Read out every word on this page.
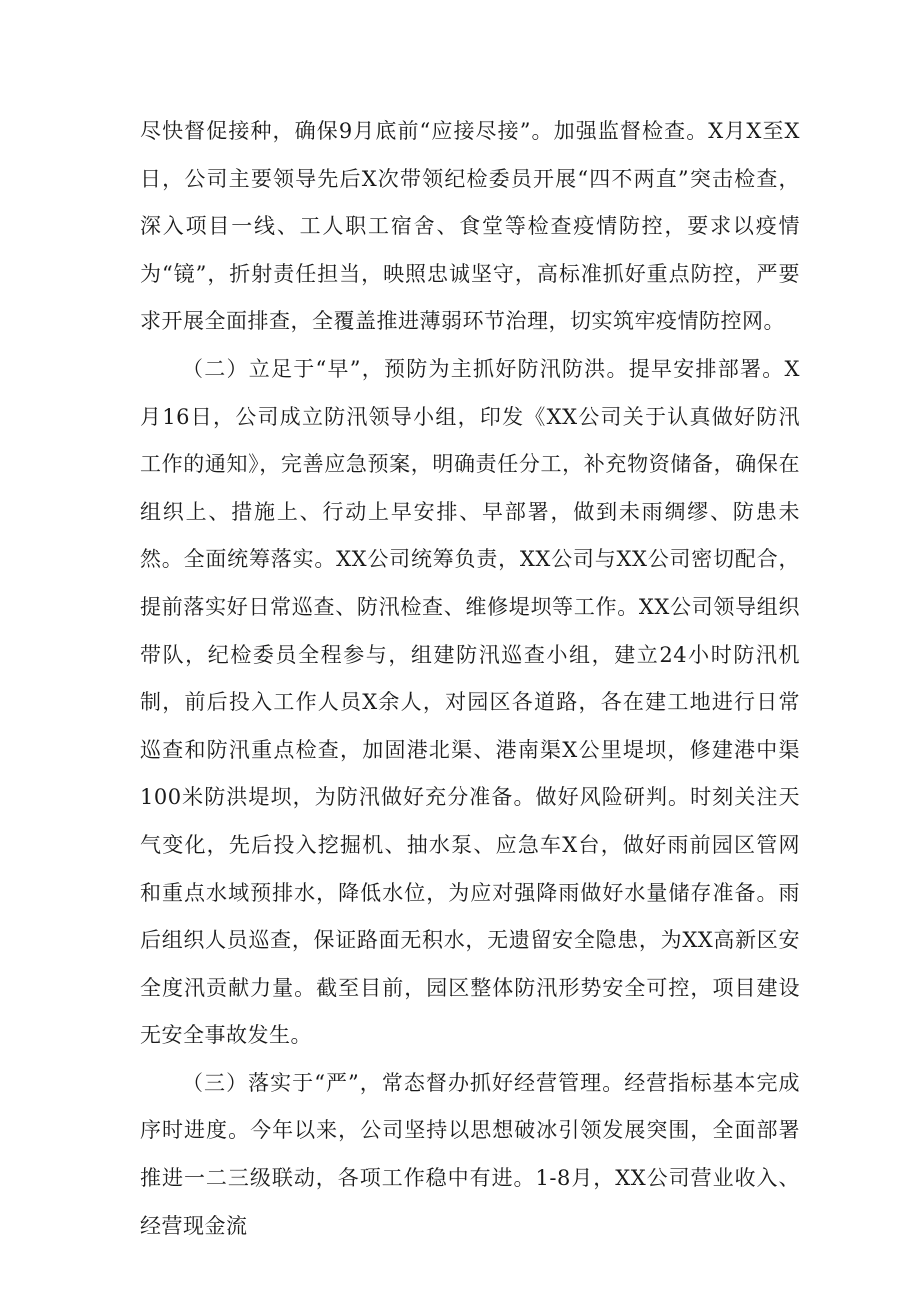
尽快督促接种，确保9月底前“应接尽接”。加强监督检查。X月X至X日，公司主要领导先后X次带领纪检委员开展“四不两直”突击检查，深入项目一线、工人职工宿舍、食堂等检查疫情防控，要求以疫情为“镜”，折射责任担当，映照忠诚坚守，高标准抓好重点防控，严要求开展全面排查，全覆盖推进薄弱环节治理，切实筑牢疫情防控网。

（二）立足于“早”，预防为主抓好防汛防洪。提早安排部署。X月16日，公司成立防汛领导小组，印发《XX公司关于认真做好防汛工作的通知》，完善应急预案，明确责任分工，补充物资储备，确保在组织上、措施上、行动上早安排、早部署，做到未雨绸缪、防患未然。全面统筹落实。XX公司统筹负责，XX公司与XX公司密切配合，提前落实好日常巡查、防汛检查、维修堤坝等工作。XX公司领导组织带队，纪检委员全程参与，组建防汛巡查小组，建立24小时防汛机制，前后投入工作人员X余人，对园区各道路，各在建工地进行日常巡查和防汛重点检查，加固港北渠、港南渠X公里堤坝，修建港中渠100米防洪堤坝，为防汛做好充分准备。做好风险研判。时刻关注天气变化，先后投入挖掘机、抽水泵、应急车X台，做好雨前园区管网和重点水域预排水，降低水位，为应对强降雨做好水量储存准备。雨后组织人员巡查，保证路面无积水，无遗留安全隐患，为XX高新区安全度汛贡献力量。截至目前，园区整体防汛形势安全可控，项目建设无安全事故发生。

（三）落实于“严”，常态督办抓好经营管理。经营指标基本完成序时进度。今年以来，公司坚持以思想破冰引领发展突围，全面部署推进一二三级联动，各项工作稳中有进。1-8月，XX公司营业收入、经营现金流
